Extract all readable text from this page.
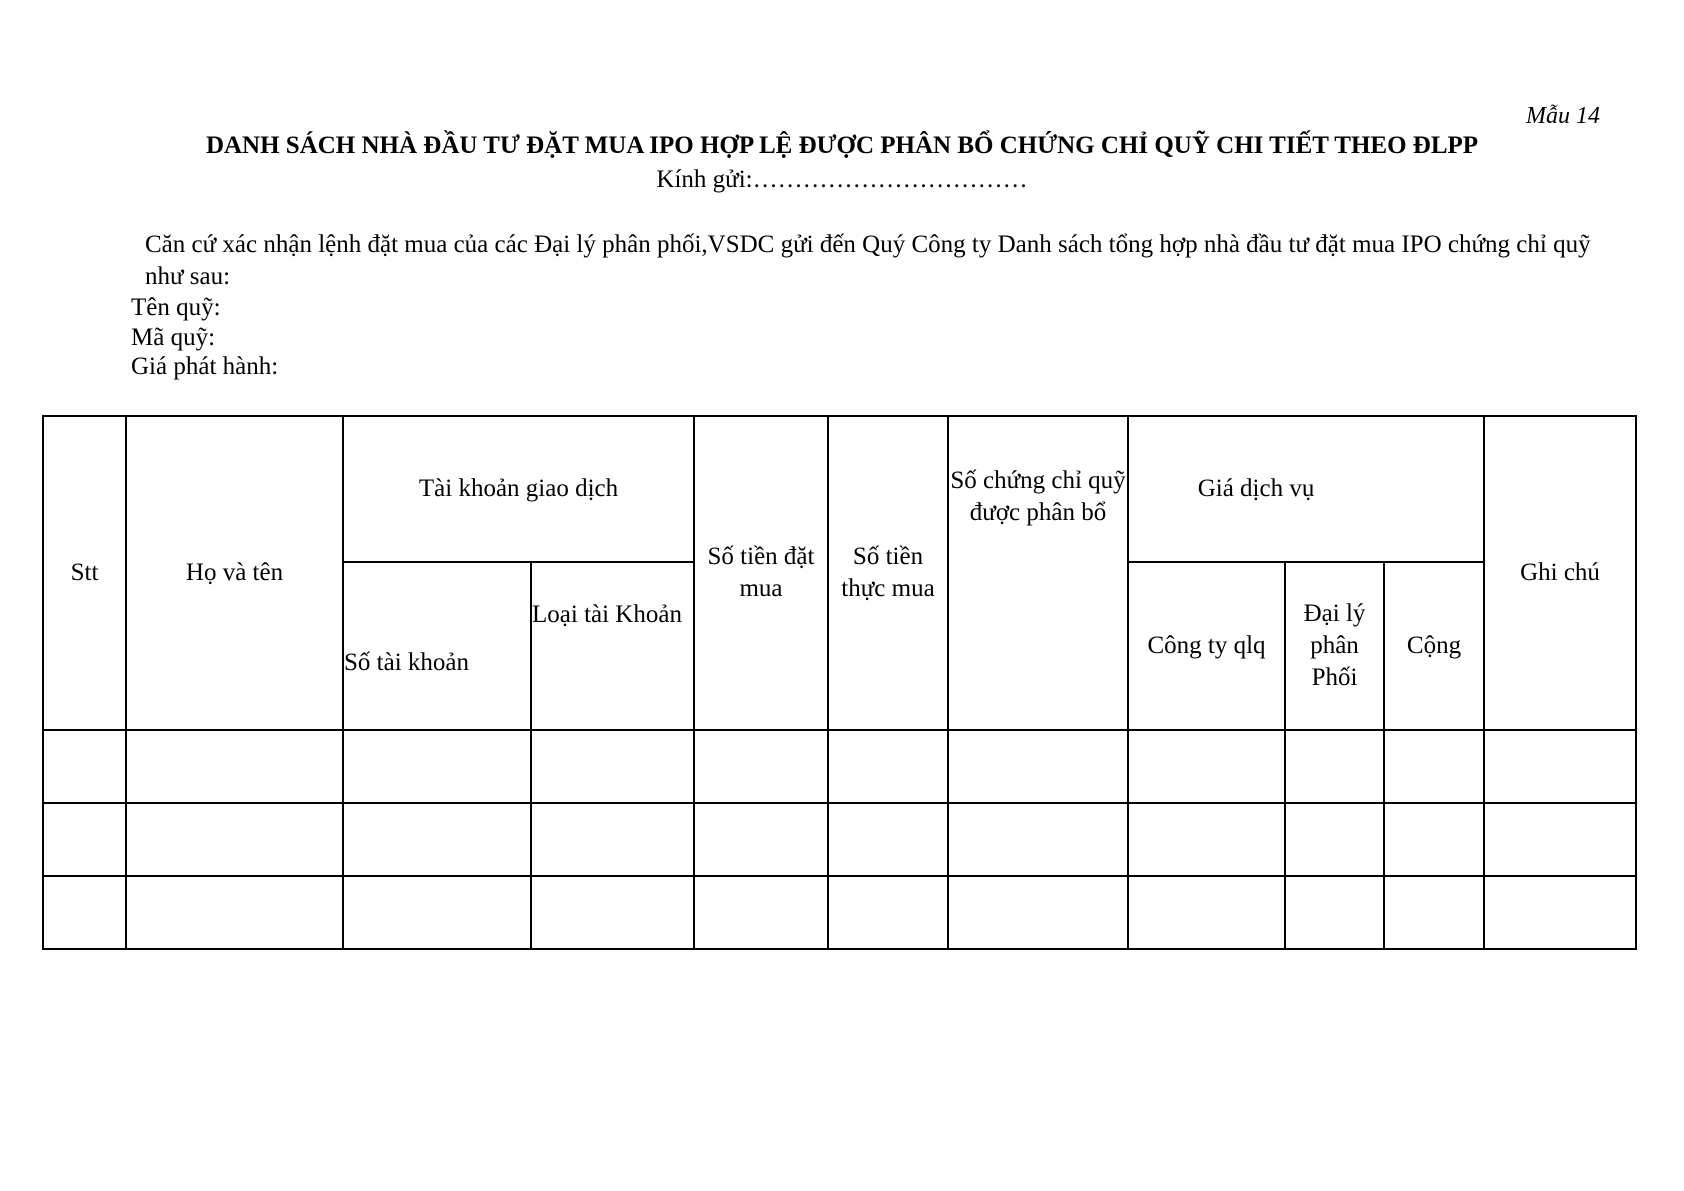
Mẫu 14
DANH SÁCH NHÀ ĐẦU TƯ ĐẶT MUA IPO HỢP LỆ ĐƯỢC PHÂN BỔ CHỨNG CHỈ QUỸ CHI TIẾT THEO ĐLPP
Kính gửi:……………………………
Căn cứ xác nhận lệnh đặt mua của các Đại lý phân phối,VSDC gửi đến Quý Công ty Danh sách tổng hợp nhà đầu tư đặt mua IPO chứng chỉ quỹ như sau:
Tên quỹ:
Mã quỹ:
Giá phát hành:
Stt	Họ và tên	Tài khoản giao dịch		Số tiền đặt mua	Số tiền thực mua	Số chứng chỉ quỹ được phân bổ	Giá dịch vụ			Ghi chú
		Số tài khoản	Loại tài Khoản				Công ty qlq	Đại lý phân Phối	Cộng	
